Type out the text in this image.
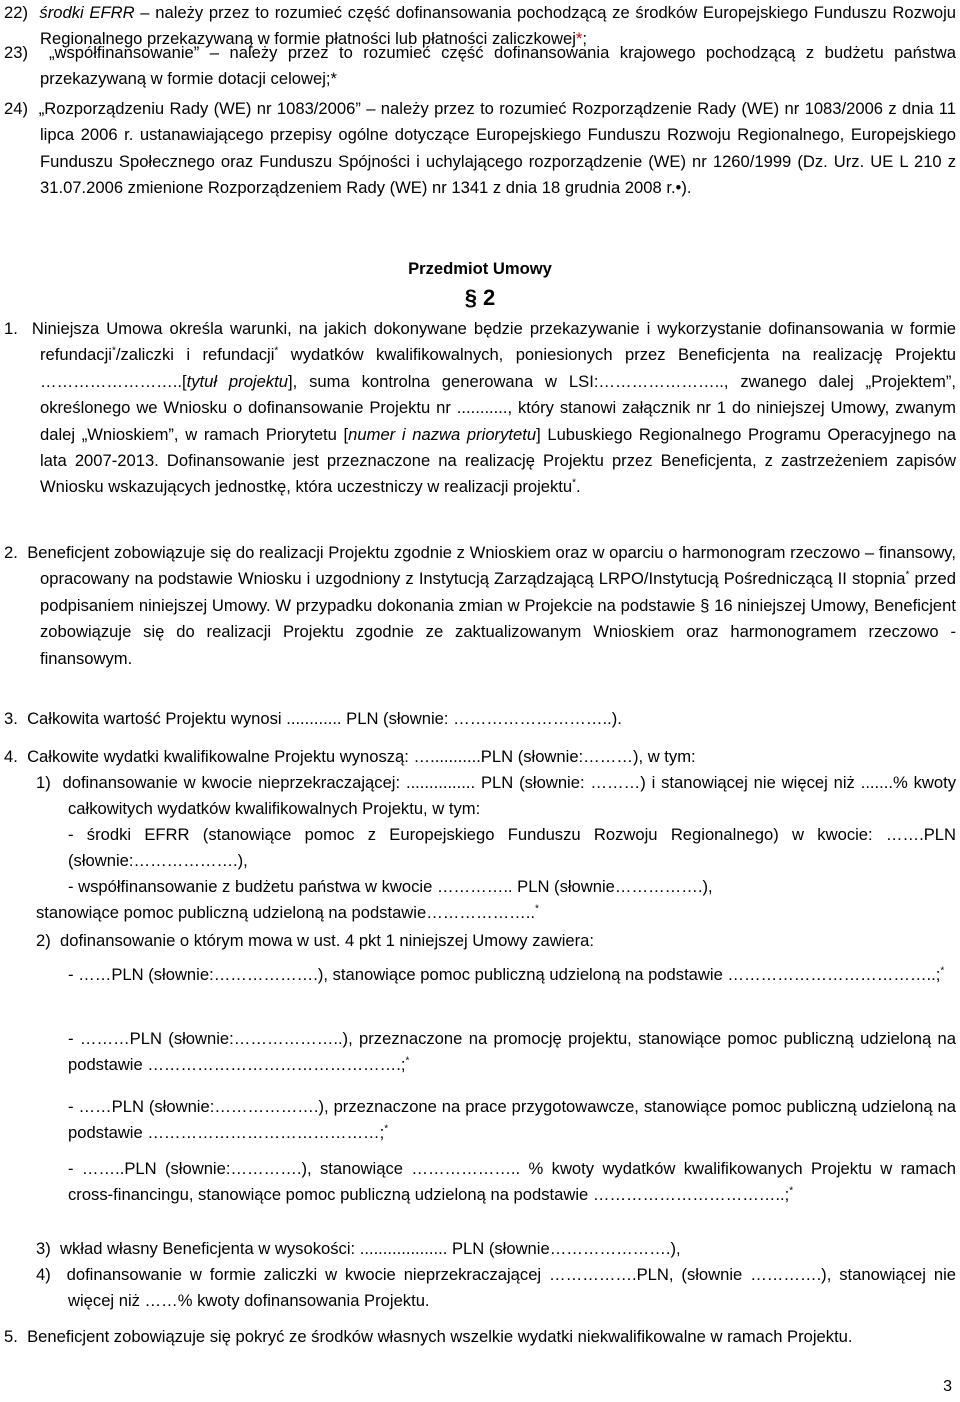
22) środki EFRR – należy przez to rozumieć część dofinansowania pochodzącą ze środków Europejskiego Funduszu Rozwoju Regionalnego przekazywaną w formie płatności lub płatności zaliczkowej*;
23) „współfinansowanie” – należy przez to rozumieć część dofinansowania krajowego pochodzącą z budżetu państwa przekazywaną w formie dotacji celowej;*
24) „Rozporządzeniu Rady (WE) nr 1083/2006” – należy przez to rozumieć Rozporządzenie Rady (WE) nr 1083/2006 z dnia 11 lipca 2006 r. ustanawiającego przepisy ogólne dotyczące Europejskiego Funduszu Rozwoju Regionalnego, Europejskiego Funduszu Społecznego oraz Funduszu Spójności i uchylającego rozporządzenie (WE) nr 1260/1999 (Dz. Urz. UE L 210 z 31.07.2006 zmienione Rozporządzeniem Rady (WE) nr 1341 z dnia 18 grudnia 2008 r.•).
Przedmiot Umowy
§ 2
1. Niniejsza Umowa określa warunki, na jakich dokonywane będzie przekazywanie i wykorzystanie dofinansowania w formie refundacji*/zaliczki i refundacji* wydatków kwalifikowalnych, poniesionych przez Beneficjenta na realizację Projektu ……………………..[tytuł projektu], suma kontrolna generowana w LSI:………………….., zwanego dalej „Projektem”, określonego we Wniosku o dofinansowanie Projektu nr ..........., który stanowi załącznik nr 1 do niniejszej Umowy, zwanym dalej „Wnioskiem”, w ramach Priorytetu [numer i nazwa priorytetu] Lubuskiego Regionalnego Programu Operacyjnego na lata 2007-2013. Dofinansowanie jest przeznaczone na realizację Projektu przez Beneficjenta, z zastrzeżeniem zapisów Wniosku wskazujących jednostkę, która uczestniczy w realizacji projektu*.
2. Beneficjent zobowiązuje się do realizacji Projektu zgodnie z Wnioskiem oraz w oparciu o harmonogram rzeczowo – finansowy, opracowany na podstawie Wniosku i uzgodniony z Instytucją Zarządzającą LRPO/Instytucją Pośredniczącą II stopnia* przed podpisaniem niniejszej Umowy. W przypadku dokonania zmian w Projekcie na podstawie § 16 niniejszej Umowy, Beneficjent zobowiązuje się do realizacji Projektu zgodnie ze zaktualizowanym Wnioskiem oraz harmonogramem rzeczowo - finansowym.
3. Całkowita wartość Projektu wynosi ............ PLN (słownie: ………………………..).
4. Całkowite wydatki kwalifikowalne Projektu wynoszą: …...........PLN (słownie:………), w tym:
1) dofinansowanie w kwocie nieprzekraczającej: ............... PLN (słownie: ………) i stanowiącej nie więcej niż .......% kwoty całkowitych wydatków kwalifikowalnych Projektu, w tym:
- środki EFRR (stanowiące pomoc z Europejskiego Funduszu Rozwoju Regionalnego) w kwocie: …….PLN (słownie:……………….),
- współfinansowanie z budżetu państwa w kwocie ………….. PLN (słownie…………….),
stanowiące pomoc publiczną udzieloną na podstawie………………..*
2) dofinansowanie o którym mowa w ust. 4 pkt 1 niniejszej Umowy zawiera:
- ……PLN (słownie:……………….), stanowiące pomoc publiczną udzieloną na podstawie ………………………………..;*
- ………PLN (słownie:………………..), przeznaczone na promocję projektu, stanowiące pomoc publiczną udzieloną na podstawie ……………………………………….;*
- ……PLN (słownie:……………….), przeznaczone na prace przygotowawcze, stanowiące pomoc publiczną udzieloną na podstawie ……………………………………;*
- ……..PLN (słownie:………….), stanowiące ……………….. % kwoty wydatków kwalifikowanych Projektu w ramach cross-financingu, stanowiące pomoc publiczną udzieloną na podstawie ……………………………..;*
3) wkład własny Beneficjenta w wysokości: ................... PLN (słownie………………….),
4) dofinansowanie w formie zaliczki w kwocie nieprzekraczającej …………….PLN, (słownie ………….), stanowiącej nie więcej niż ……% kwoty dofinansowania Projektu.
5. Beneficjent zobowiązuje się pokryć ze środków własnych wszelkie wydatki niekwalifikowalne w ramach Projektu.
3
